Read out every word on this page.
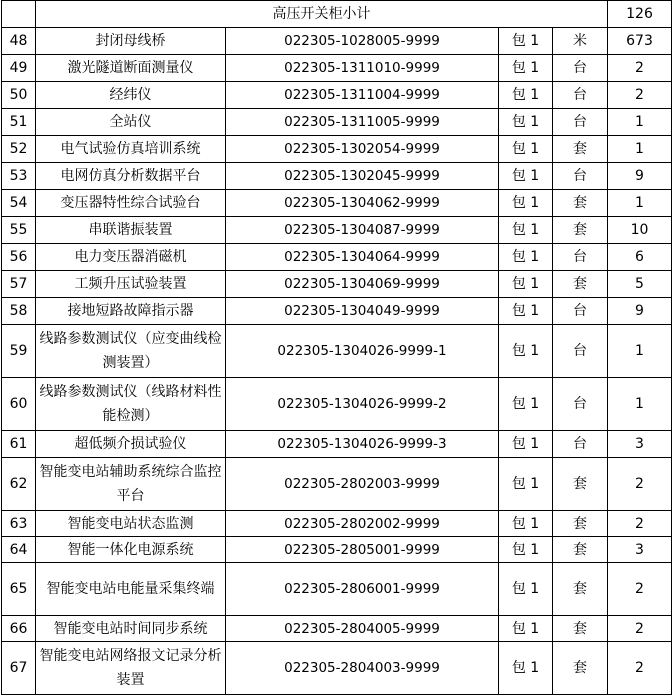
	高压开关柜小计				126
48	封闭母线桥	022305-1028005-9999	包 1	米	673
49	激光隧道断面测量仪	022305-1311010-9999	包 1	台	2
50	经纬仪	022305-1311004-9999	包 1	台	2
51	全站仪	022305-1311005-9999	包 1	台	1
52	电气试验仿真培训系统	022305-1302054-9999	包 1	套	1
53	电网仿真分析数据平台	022305-1302045-9999	包 1	台	9
54	变压器特性综合试验台	022305-1304062-9999	包 1	套	1
55	串联谐振装置	022305-1304087-9999	包 1	套	10
56	电力变压器消磁机	022305-1304064-9999	包 1	台	6
57	工频升压试验装置	022305-1304069-9999	包 1	套	5
58	接地短路故障指示器	022305-1304049-9999	包 1	台	9
59	线路参数测试仪（应变曲线检测装置）	022305-1304026-9999-1	包 1	台	1
60	线路参数测试仪（线路材料性能检测）	022305-1304026-9999-2	包 1	台	1
61	超低频介损试验仪	022305-1304026-9999-3	包 1	台	3
62	智能变电站辅助系统综合监控平台	022305-2802003-9999	包 1	套	2
63	智能变电站状态监测	022305-2802002-9999	包 1	套	2
64	智能一体化电源系统	022305-2805001-9999	包 1	套	3
65	智能变电站电能量采集终端	022305-2806001-9999	包 1	套	2
66	智能变电站时间同步系统	022305-2804005-9999	包 1	套	2
67	智能变电站网络报文记录分析装置	022305-2804003-9999	包 1	套	2
